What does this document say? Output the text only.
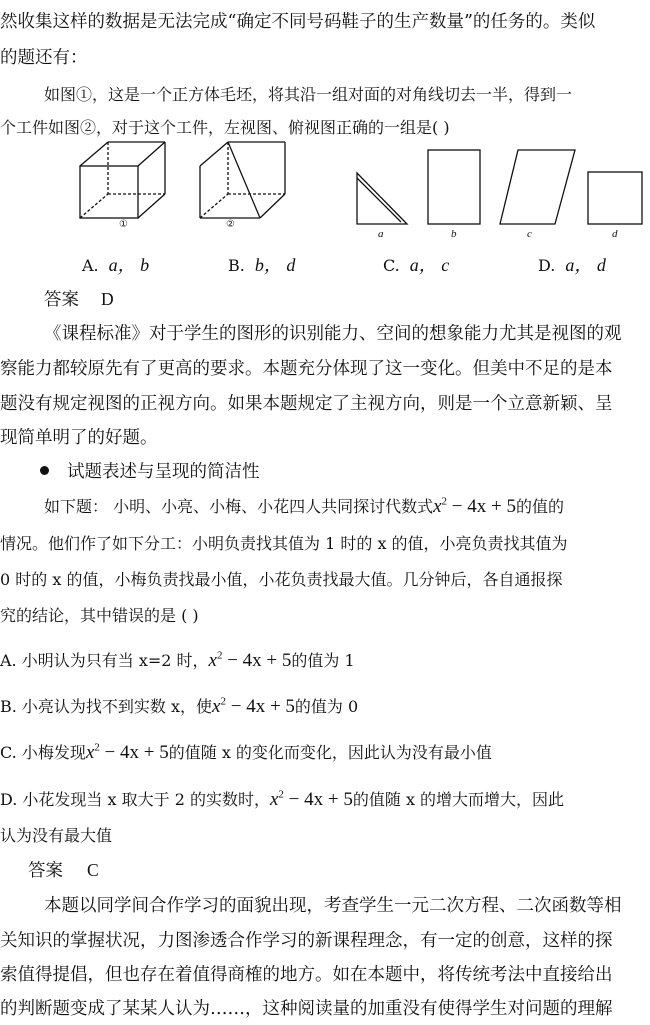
然收集这样的数据是无法完成“确定不同号码鞋子的生产数量”的任务的。类似
的题还有：
如图①，这是一个正方体毛坯，将其沿一组对面的对角线切去一半，得到一
个工件如图②，对于这个工件，左视图、俯视图正确的一组是( )
①	②
a	b	c	d
A. a， b	B. b， d	C. a， c	D. a， d
答案 D
《课程标准》对于学生的图形的识别能力、空间的想象能力尤其是视图的观
察能力都较原先有了更高的要求。本题充分体现了这一变化。但美中不足的是本
题没有规定视图的正视方向。如果本题规定了主视方向，则是一个立意新颖、呈
现简单明了的好题。
试题表述与呈现的简洁性
如下题： 小明、小亮、小梅、小花四人共同探讨代数式$x^2 - 4x + 5$的值的
情况。他们作了如下分工：小明负责找其值为 1 时的 x 的值，小亮负责找其值为
0 时的 x 的值，小梅负责找最小值，小花负责找最大值。几分钟后，各自通报探
究的结论，其中错误的是 ( )
A. 小明认为只有当 x=2 时，$x^2 - 4x + 5$的值为 1
B. 小亮认为找不到实数 x，使$x^2 - 4x + 5$的值为 0
C. 小梅发现$x^2 - 4x + 5$的值随 x 的变化而变化，因此认为没有最小值
D. 小花发现当 x 取大于 2 的实数时，$x^2 - 4x + 5$的值随 x 的增大而增大，因此
认为没有最大值
答案 C
本题以同学间合作学习的面貌出现，考查学生一元二次方程、二次函数等相
关知识的掌握状况，力图渗透合作学习的新课程理念，有一定的创意，这样的探
索值得提倡，但也存在着值得商榷的地方。如在本题中，将传统考法中直接给出
的判断题变成了某某人认为……，这种阅读量的加重没有使得学生对问题的理解
